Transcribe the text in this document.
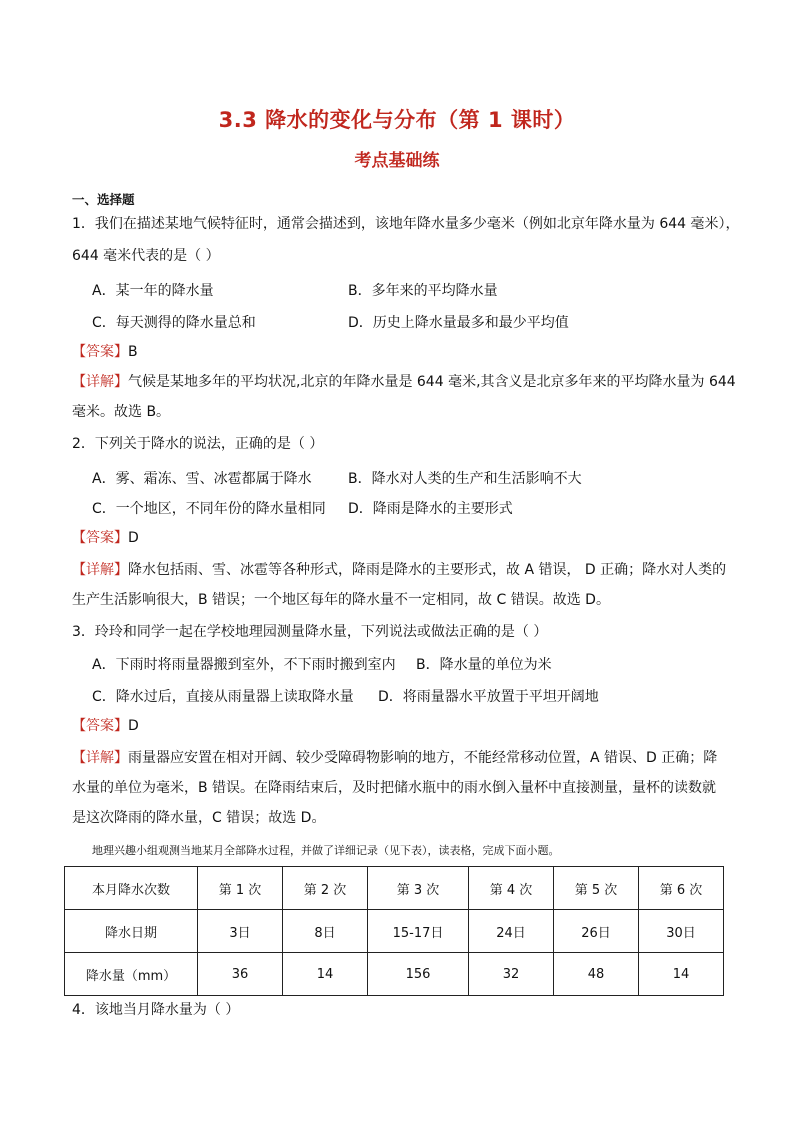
3.3 降水的变化与分布（第 1 课时）
考点基础练
一、选择题
1．我们在描述某地气候特征时，通常会描述到，该地年降水量多少毫米（例如北京年降水量为 644 毫米），
644 毫米代表的是（ ）
A．某一年的降水量	B．多年来的平均降水量
C．每天测得的降水量总和	D．历史上降水量最多和最少平均值
【答案】B
【详解】气候是某地多年的平均状况,北京的年降水量是 644 毫米,其含义是北京多年来的平均降水量为 644
毫米。故选 B。
2．下列关于降水的说法，正确的是（ ）
A．雾、霜冻、雪、冰雹都属于降水	B．降水对人类的生产和生活影响不大
C．一个地区，不同年份的降水量相同 D．降雨是降水的主要形式
【答案】D
【详解】降水包括雨、雪、冰雹等各种形式，降雨是降水的主要形式，故 A 错误， D 正确；降水对人类的
生产生活影响很大，B 错误；一个地区每年的降水量不一定相同，故 C 错误。故选 D。
3．玲玲和同学一起在学校地理园测量降水量，下列说法或做法正确的是（ ）
A．下雨时将雨量器搬到室外，不下雨时搬到室内 B．降水量的单位为米
C．降水过后，直接从雨量器上读取降水量 D．将雨量器水平放置于平坦开阔地
【答案】D
【详解】雨量器应安置在相对开阔、较少受障碍物影响的地方，不能经常移动位置，A 错误、D 正确；降
水量的单位为毫米，B 错误。在降雨结束后，及时把储水瓶中的雨水倒入量杯中直接测量，量杯的读数就
是这次降雨的降水量，C 错误；故选 D。
地理兴趣小组观测当地某月全部降水过程，并做了详细记录（见下表），读表格，完成下面小题。
本月降水次数	第 1 次	第 2 次	第 3 次	第 4 次	第 5 次	第 6 次
降水日期	3日	8日	15-17日	24日	26日	30日
降水量（mm）	36	14	156	32	48	14
4．该地当月降水量为（ ）
